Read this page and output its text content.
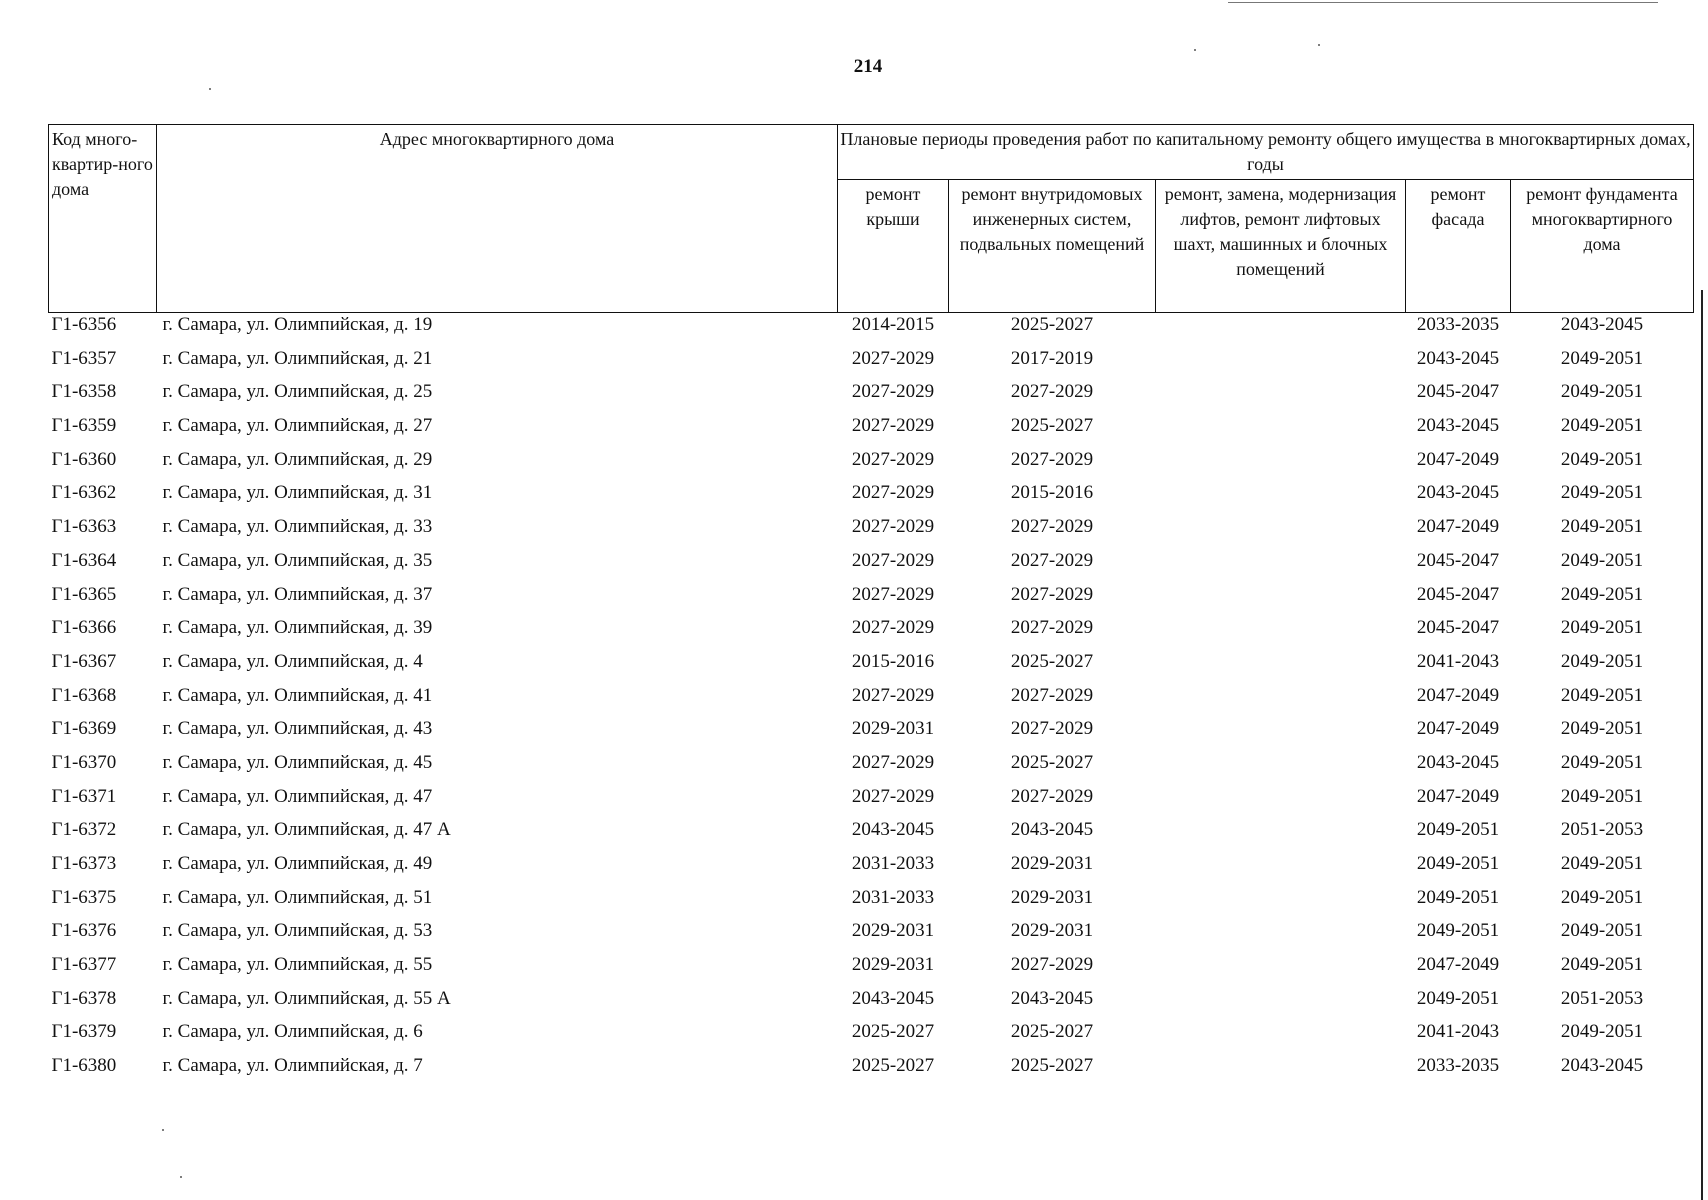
214
Код много-квартир-ного дома	Адрес многоквартирного дома	Плановые периоды проведения работ по капитальному ремонту общего имущества в многоквартирных домах, годы				
		ремонт крыши	ремонт внутридомовых инженерных систем, подвальных помещений	ремонт, замена, модернизация лифтов, ремонт лифтовых шахт, машинных и блочных помещений	ремонт фасада	ремонт фундамента многоквартирного дома
Г1-6356	г. Самара, ул. Олимпийская, д. 19	2014-2015	2025-2027		2033-2035	2043-2045
Г1-6357	г. Самара, ул. Олимпийская, д. 21	2027-2029	2017-2019		2043-2045	2049-2051
Г1-6358	г. Самара, ул. Олимпийская, д. 25	2027-2029	2027-2029		2045-2047	2049-2051
Г1-6359	г. Самара, ул. Олимпийская, д. 27	2027-2029	2025-2027		2043-2045	2049-2051
Г1-6360	г. Самара, ул. Олимпийская, д. 29	2027-2029	2027-2029		2047-2049	2049-2051
Г1-6362	г. Самара, ул. Олимпийская, д. 31	2027-2029	2015-2016		2043-2045	2049-2051
Г1-6363	г. Самара, ул. Олимпийская, д. 33	2027-2029	2027-2029		2047-2049	2049-2051
Г1-6364	г. Самара, ул. Олимпийская, д. 35	2027-2029	2027-2029		2045-2047	2049-2051
Г1-6365	г. Самара, ул. Олимпийская, д. 37	2027-2029	2027-2029		2045-2047	2049-2051
Г1-6366	г. Самара, ул. Олимпийская, д. 39	2027-2029	2027-2029		2045-2047	2049-2051
Г1-6367	г. Самара, ул. Олимпийская, д. 4	2015-2016	2025-2027		2041-2043	2049-2051
Г1-6368	г. Самара, ул. Олимпийская, д. 41	2027-2029	2027-2029		2047-2049	2049-2051
Г1-6369	г. Самара, ул. Олимпийская, д. 43	2029-2031	2027-2029		2047-2049	2049-2051
Г1-6370	г. Самара, ул. Олимпийская, д. 45	2027-2029	2025-2027		2043-2045	2049-2051
Г1-6371	г. Самара, ул. Олимпийская, д. 47	2027-2029	2027-2029		2047-2049	2049-2051
Г1-6372	г. Самара, ул. Олимпийская, д. 47 А	2043-2045	2043-2045		2049-2051	2051-2053
Г1-6373	г. Самара, ул. Олимпийская, д. 49	2031-2033	2029-2031		2049-2051	2049-2051
Г1-6375	г. Самара, ул. Олимпийская, д. 51	2031-2033	2029-2031		2049-2051	2049-2051
Г1-6376	г. Самара, ул. Олимпийская, д. 53	2029-2031	2029-2031		2049-2051	2049-2051
Г1-6377	г. Самара, ул. Олимпийская, д. 55	2029-2031	2027-2029		2047-2049	2049-2051
Г1-6378	г. Самара, ул. Олимпийская, д. 55 А	2043-2045	2043-2045		2049-2051	2051-2053
Г1-6379	г. Самара, ул. Олимпийская, д. 6	2025-2027	2025-2027		2041-2043	2049-2051
Г1-6380	г. Самара, ул. Олимпийская, д. 7	2025-2027	2025-2027		2033-2035	2043-2045
